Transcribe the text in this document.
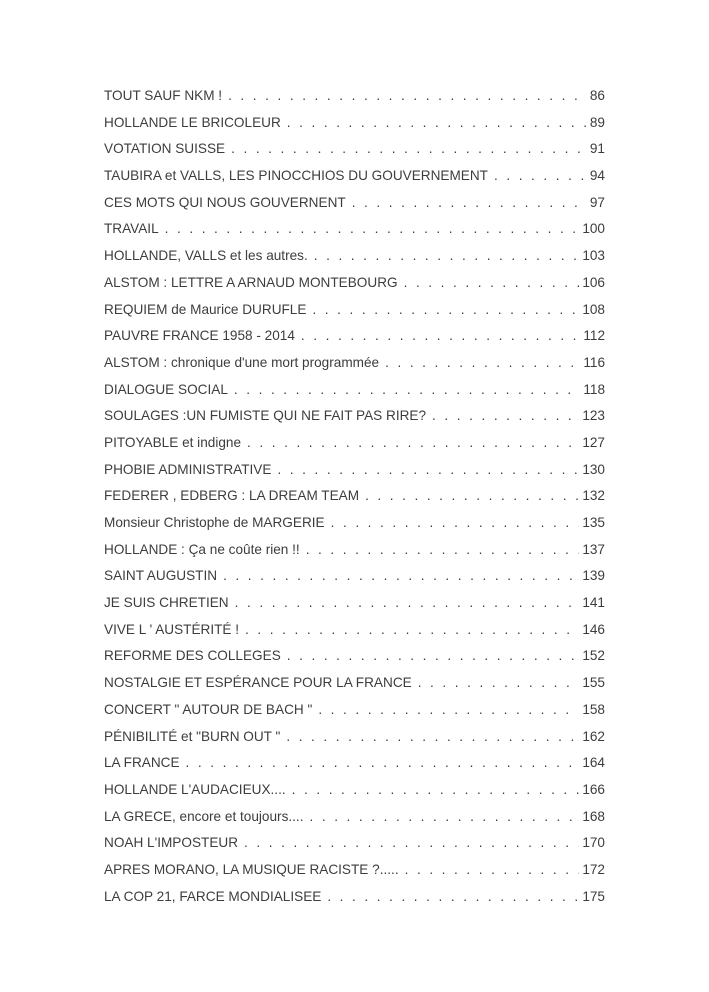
TOUT SAUF NKM ! . . .	86
HOLLANDE LE BRICOLEUR . . .	89
VOTATION SUISSE . . .	91
TAUBIRA et VALLS, LES PINOCCHIOS DU GOUVERNEMENT . . .	94
CES MOTS QUI NOUS GOUVERNENT . . .	97
TRAVAIL . . .	100
HOLLANDE, VALLS et les autres. . . .	103
ALSTOM : LETTRE A ARNAUD MONTEBOURG . . .	106
REQUIEM de Maurice DURUFLE . . .	108
PAUVRE FRANCE 1958 - 2014 . . .	112
ALSTOM : chronique d'une mort programmée . . .	116
DIALOGUE SOCIAL . . .	118
SOULAGES :UN FUMISTE QUI NE FAIT PAS RIRE? . . .	123
PITOYABLE et indigne . . .	127
PHOBIE ADMINISTRATIVE . . .	130
FEDERER , EDBERG : LA DREAM TEAM . . .	132
Monsieur Christophe de MARGERIE . . .	135
HOLLANDE : Ça ne coûte rien !! . . .	137
SAINT AUGUSTIN . . .	139
JE SUIS CHRETIEN . . .	141
VIVE L ' AUSTÉRITÉ ! . . .	146
REFORME DES COLLEGES . . .	152
NOSTALGIE ET ESPÉRANCE POUR LA FRANCE . . .	155
CONCERT " AUTOUR DE BACH " . . .	158
PÉNIBILITÉ et "BURN OUT " . . .	162
LA FRANCE . . .	164
HOLLANDE L'AUDACIEUX.... . . .	166
LA GRECE, encore et toujours.... . . .	168
NOAH L'IMPOSTEUR . . .	170
APRES MORANO, LA MUSIQUE RACISTE ?..... . . .	172
LA COP 21, FARCE MONDIALISEE . . .	175
